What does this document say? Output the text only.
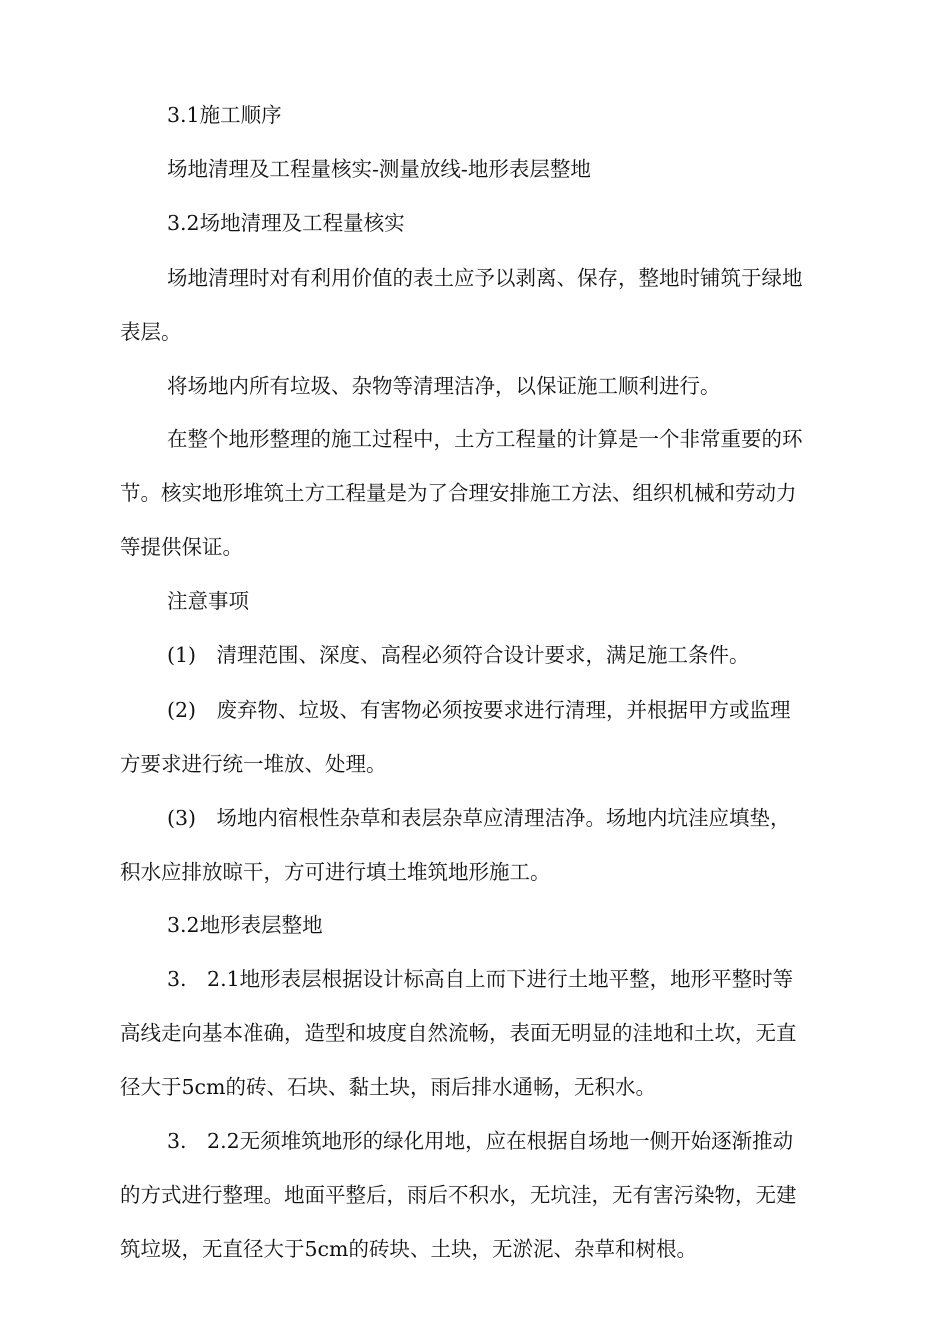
3.1施工顺序

场地清理及工程量核实-测量放线-地形表层整地

3.2场地清理及工程量核实

场地清理时对有利用价值的表土应予以剥离、保存，整地时铺筑于绿地
表层。

将场地内所有垃圾、杂物等清理洁净，以保证施工顺利进行。

在整个地形整理的施工过程中，土方工程量的计算是一个非常重要的环
节。核实地形堆筑土方工程量是为了合理安排施工方法、组织机械和劳动力
等提供保证。

注意事项

(1)　清理范围、深度、高程必须符合设计要求，满足施工条件。

(2)　废弃物、垃圾、有害物必须按要求进行清理，并根据甲方或监理
方要求进行统一堆放、处理。

(3)　场地内宿根性杂草和表层杂草应清理洁净。场地内坑洼应填垫，
积水应排放晾干，方可进行填土堆筑地形施工。

3.2地形表层整地

3.　2.1地形表层根据设计标高自上而下进行土地平整，地形平整时等
高线走向基本准确，造型和坡度自然流畅，表面无明显的洼地和土坎，无直
径大于5cm的砖、石块、黏土块，雨后排水通畅，无积水。

3.　2.2无须堆筑地形的绿化用地，应在根据自场地一侧开始逐渐推动
的方式进行整理。地面平整后，雨后不积水，无坑洼，无有害污染物，无建
筑垃圾，无直径大于5cm的砖块、土块，无淤泥、杂草和树根。
